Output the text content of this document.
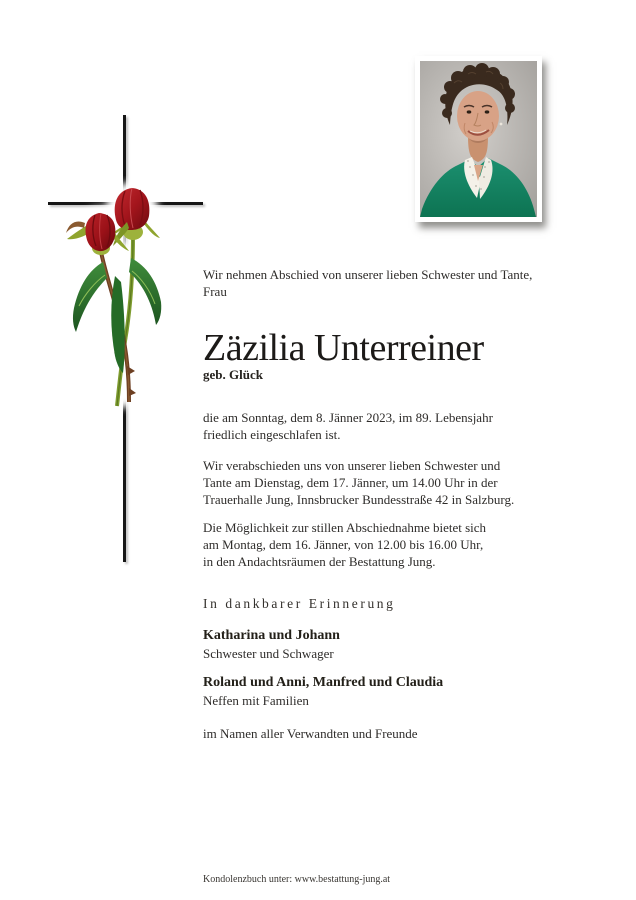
Wir nehmen Abschied von unserer lieben Schwester und Tante,
Frau
Zäzilia Unterreiner
geb. Glück
die am Sonntag, dem 8. Jänner 2023, im 89. Lebensjahr
friedlich eingeschlafen ist.
Wir verabschieden uns von unserer lieben Schwester und
Tante am Dienstag, dem 17. Jänner, um 14.00 Uhr in der
Trauerhalle Jung, Innsbrucker Bundesstraße 42 in Salzburg.
Die Möglichkeit zur stillen Abschiednahme bietet sich
am Montag, dem 16. Jänner, von 12.00 bis 16.00 Uhr,
in den Andachtsräumen der Bestattung Jung.
In dankbarer Erinnerung
Katharina und Johann
Schwester und Schwager
Roland und Anni, Manfred und Claudia
Neffen mit Familien
im Namen aller Verwandten und Freunde
Kondolenzbuch unter: www.bestattung-jung.at
